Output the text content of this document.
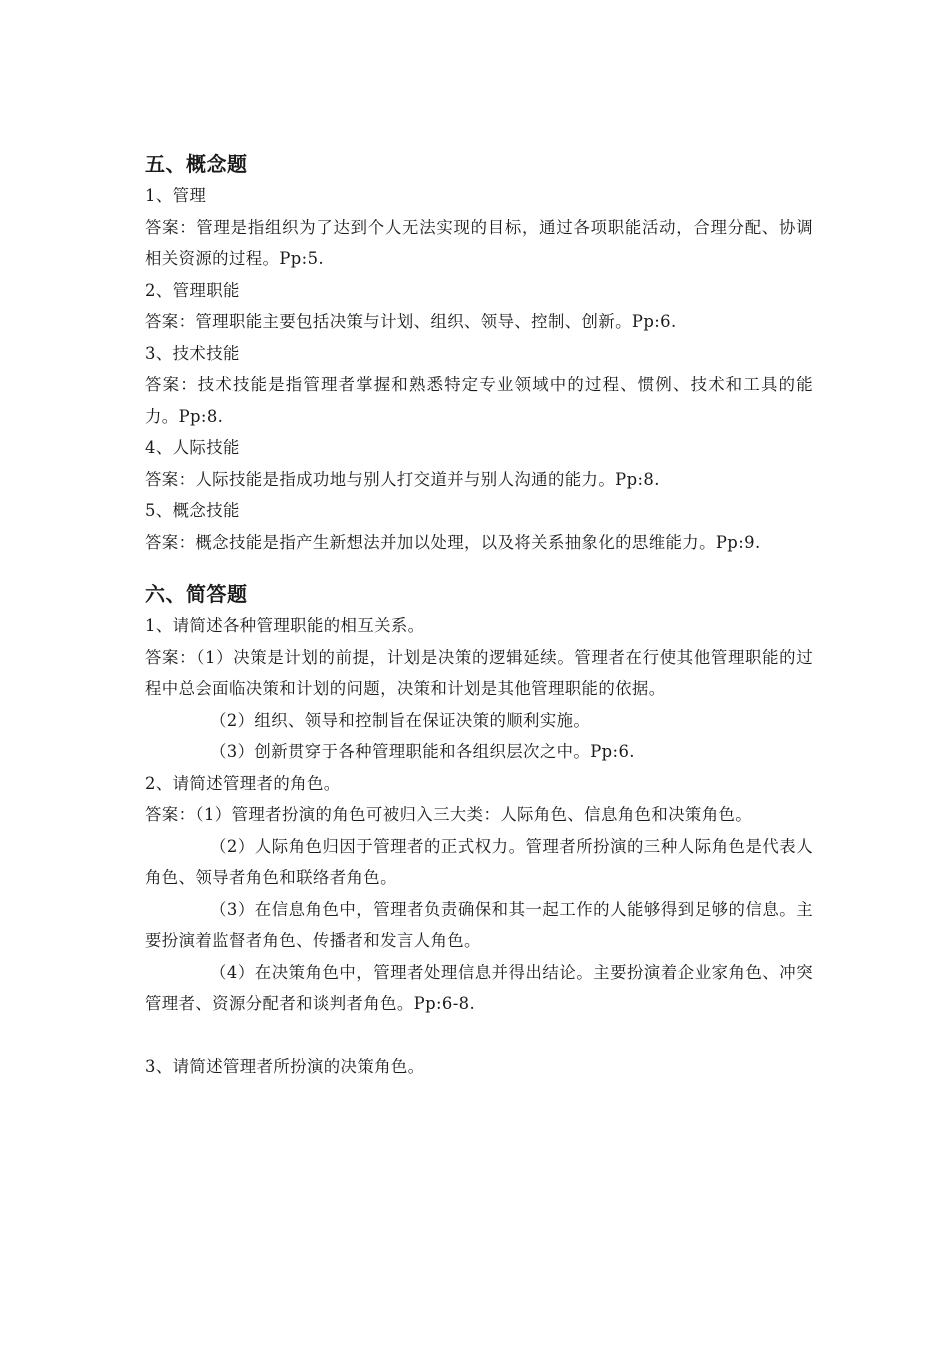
五、概念题

1、管理

答案：管理是指组织为了达到个人无法实现的目标，通过各项职能活动，合理分配、协调相关资源的过程。Pp:5.

2、管理职能

答案：管理职能主要包括决策与计划、组织、领导、控制、创新。Pp:6.

3、技术技能

答案：技术技能是指管理者掌握和熟悉特定专业领域中的过程、惯例、技术和工具的能力。Pp:8.

4、人际技能

答案：人际技能是指成功地与别人打交道并与别人沟通的能力。Pp:8.

5、概念技能

答案：概念技能是指产生新想法并加以处理，以及将关系抽象化的思维能力。Pp:9.

六、简答题

1、请简述各种管理职能的相互关系。

答案：（1）决策是计划的前提，计划是决策的逻辑延续。管理者在行使其他管理职能的过程中总会面临决策和计划的问题，决策和计划是其他管理职能的依据。

（2）组织、领导和控制旨在保证决策的顺利实施。

（3）创新贯穿于各种管理职能和各组织层次之中。Pp:6.

2、请简述管理者的角色。

答案：（1）管理者扮演的角色可被归入三大类：人际角色、信息角色和决策角色。

（2）人际角色归因于管理者的正式权力。管理者所扮演的三种人际角色是代表人角色、领导者角色和联络者角色。

（3）在信息角色中，管理者负责确保和其一起工作的人能够得到足够的信息。主要扮演着监督者角色、传播者和发言人角色。

（4）在决策角色中，管理者处理信息并得出结论。主要扮演着企业家角色、冲突管理者、资源分配者和谈判者角色。Pp:6-8.

3、请简述管理者所扮演的决策角色。
